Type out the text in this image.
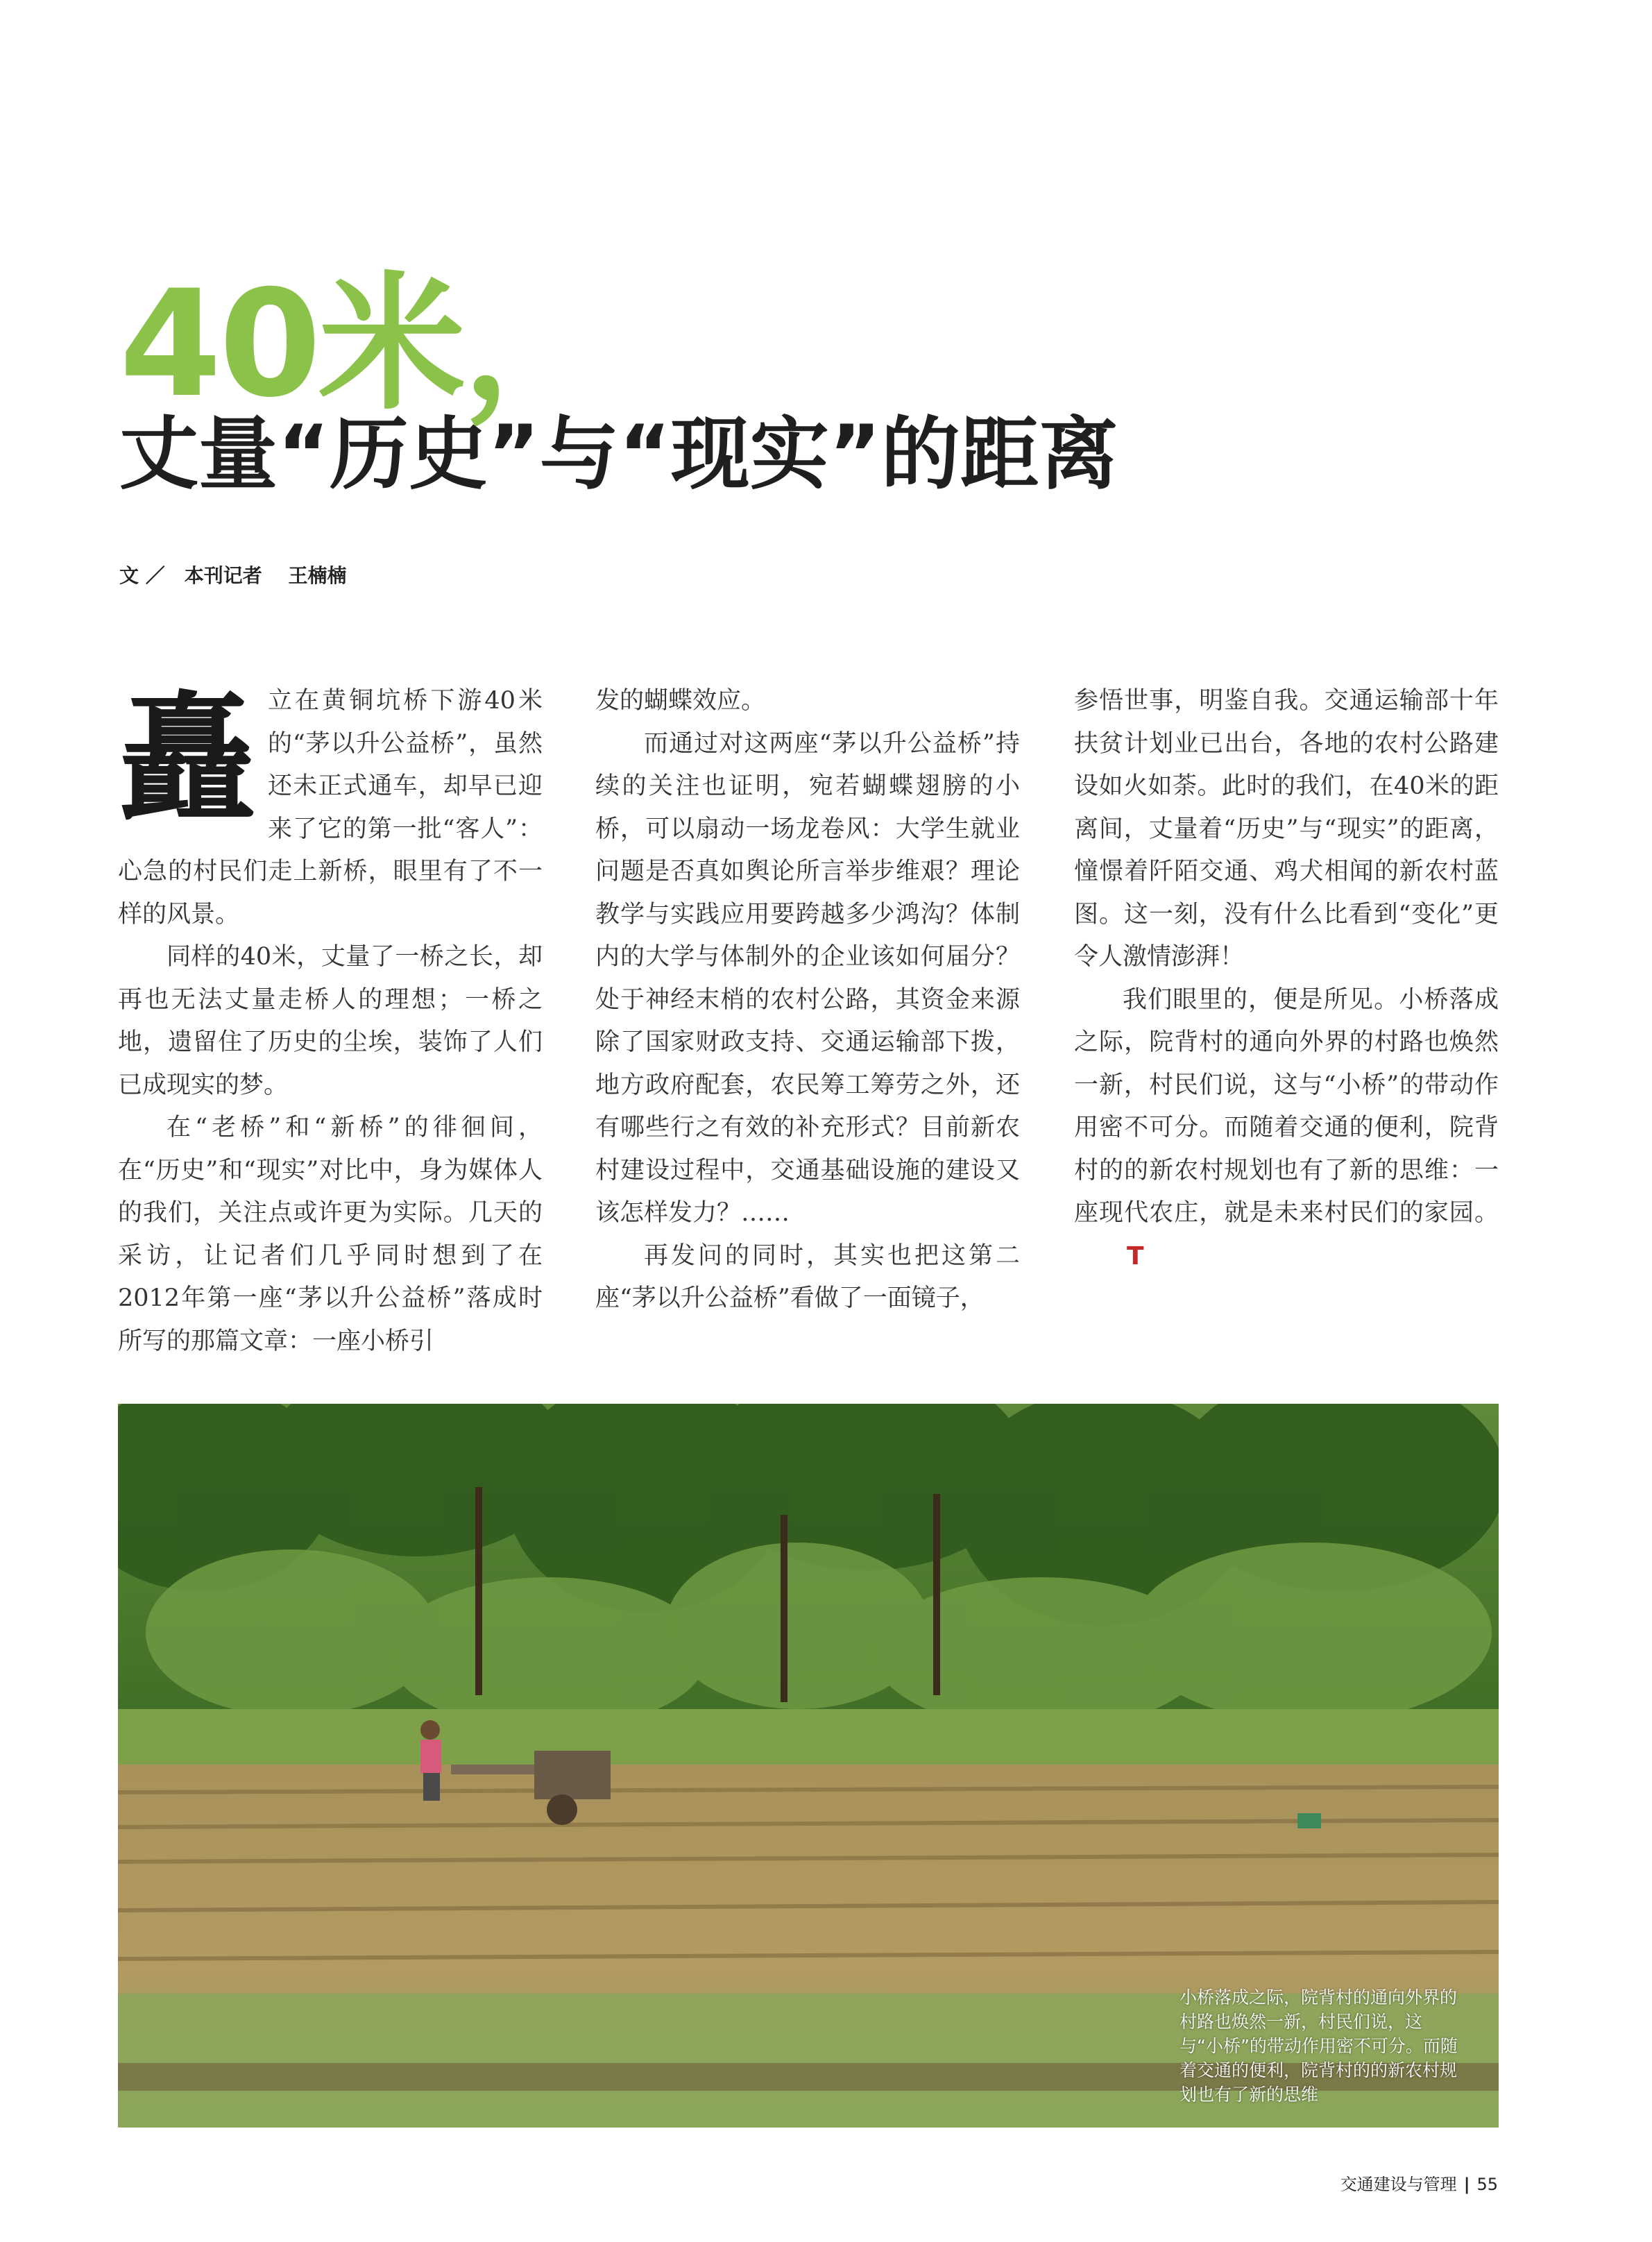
40米，
丈量“历史”与“现实”的距离
文 ／ 本刊记者 王楠楠

矗立在黄铜坑桥下游40米的“茅以升公益桥”，虽然还未正式通车，却早已迎来了它的第一批“客人”：心急的村民们走上新桥，眼里有了不一样的风景。

同样的40米，丈量了一桥之长，却再也无法丈量走桥人的理想；一桥之地，遗留住了历史的尘埃，装饰了人们已成现实的梦。

在“老桥”和“新桥”的徘徊间，在“历史”和“现实”对比中，身为媒体人的我们，关注点或许更为实际。几天的采访，让记者们几乎同时想到了在2012年第一座“茅以升公益桥”落成时所写的那篇文章：一座小桥引

发的蝴蝶效应。

而通过对这两座“茅以升公益桥”持续的关注也证明，宛若蝴蝶翅膀的小桥，可以扇动一场龙卷风：大学生就业问题是否真如舆论所言举步维艰？理论教学与实践应用要跨越多少鸿沟？体制内的大学与体制外的企业该如何届分？处于神经末梢的农村公路，其资金来源除了国家财政支持、交通运输部下拨，地方政府配套，农民筹工筹劳之外，还有哪些行之有效的补充形式？目前新农村建设过程中，交通基础设施的建设又该怎样发力？……

再发问的同时，其实也把这第二座“茅以升公益桥”看做了一面镜子，

参悟世事，明鉴自我。交通运输部十年扶贫计划业已出台，各地的农村公路建设如火如荼。此时的我们，在40米的距离间，丈量着“历史”与“现实”的距离，憧憬着阡陌交通、鸡犬相闻的新农村蓝图。这一刻，没有什么比看到“变化”更令人激情澎湃！

我们眼里的，便是所见。小桥落成之际，院背村的通向外界的村路也焕然一新，村民们说，这与“小桥”的带动作用密不可分。而随着交通的便利，院背村的的新农村规划也有了新的思维：一座现代农庄，就是未来村民们的家园。T

小桥落成之际，院背村的通向外界的村路也焕然一新，村民们说，这与“小桥”的带动作用密不可分。而随着交通的便利，院背村的的新农村规划也有了新的思维
交通建设与管理 | 55
